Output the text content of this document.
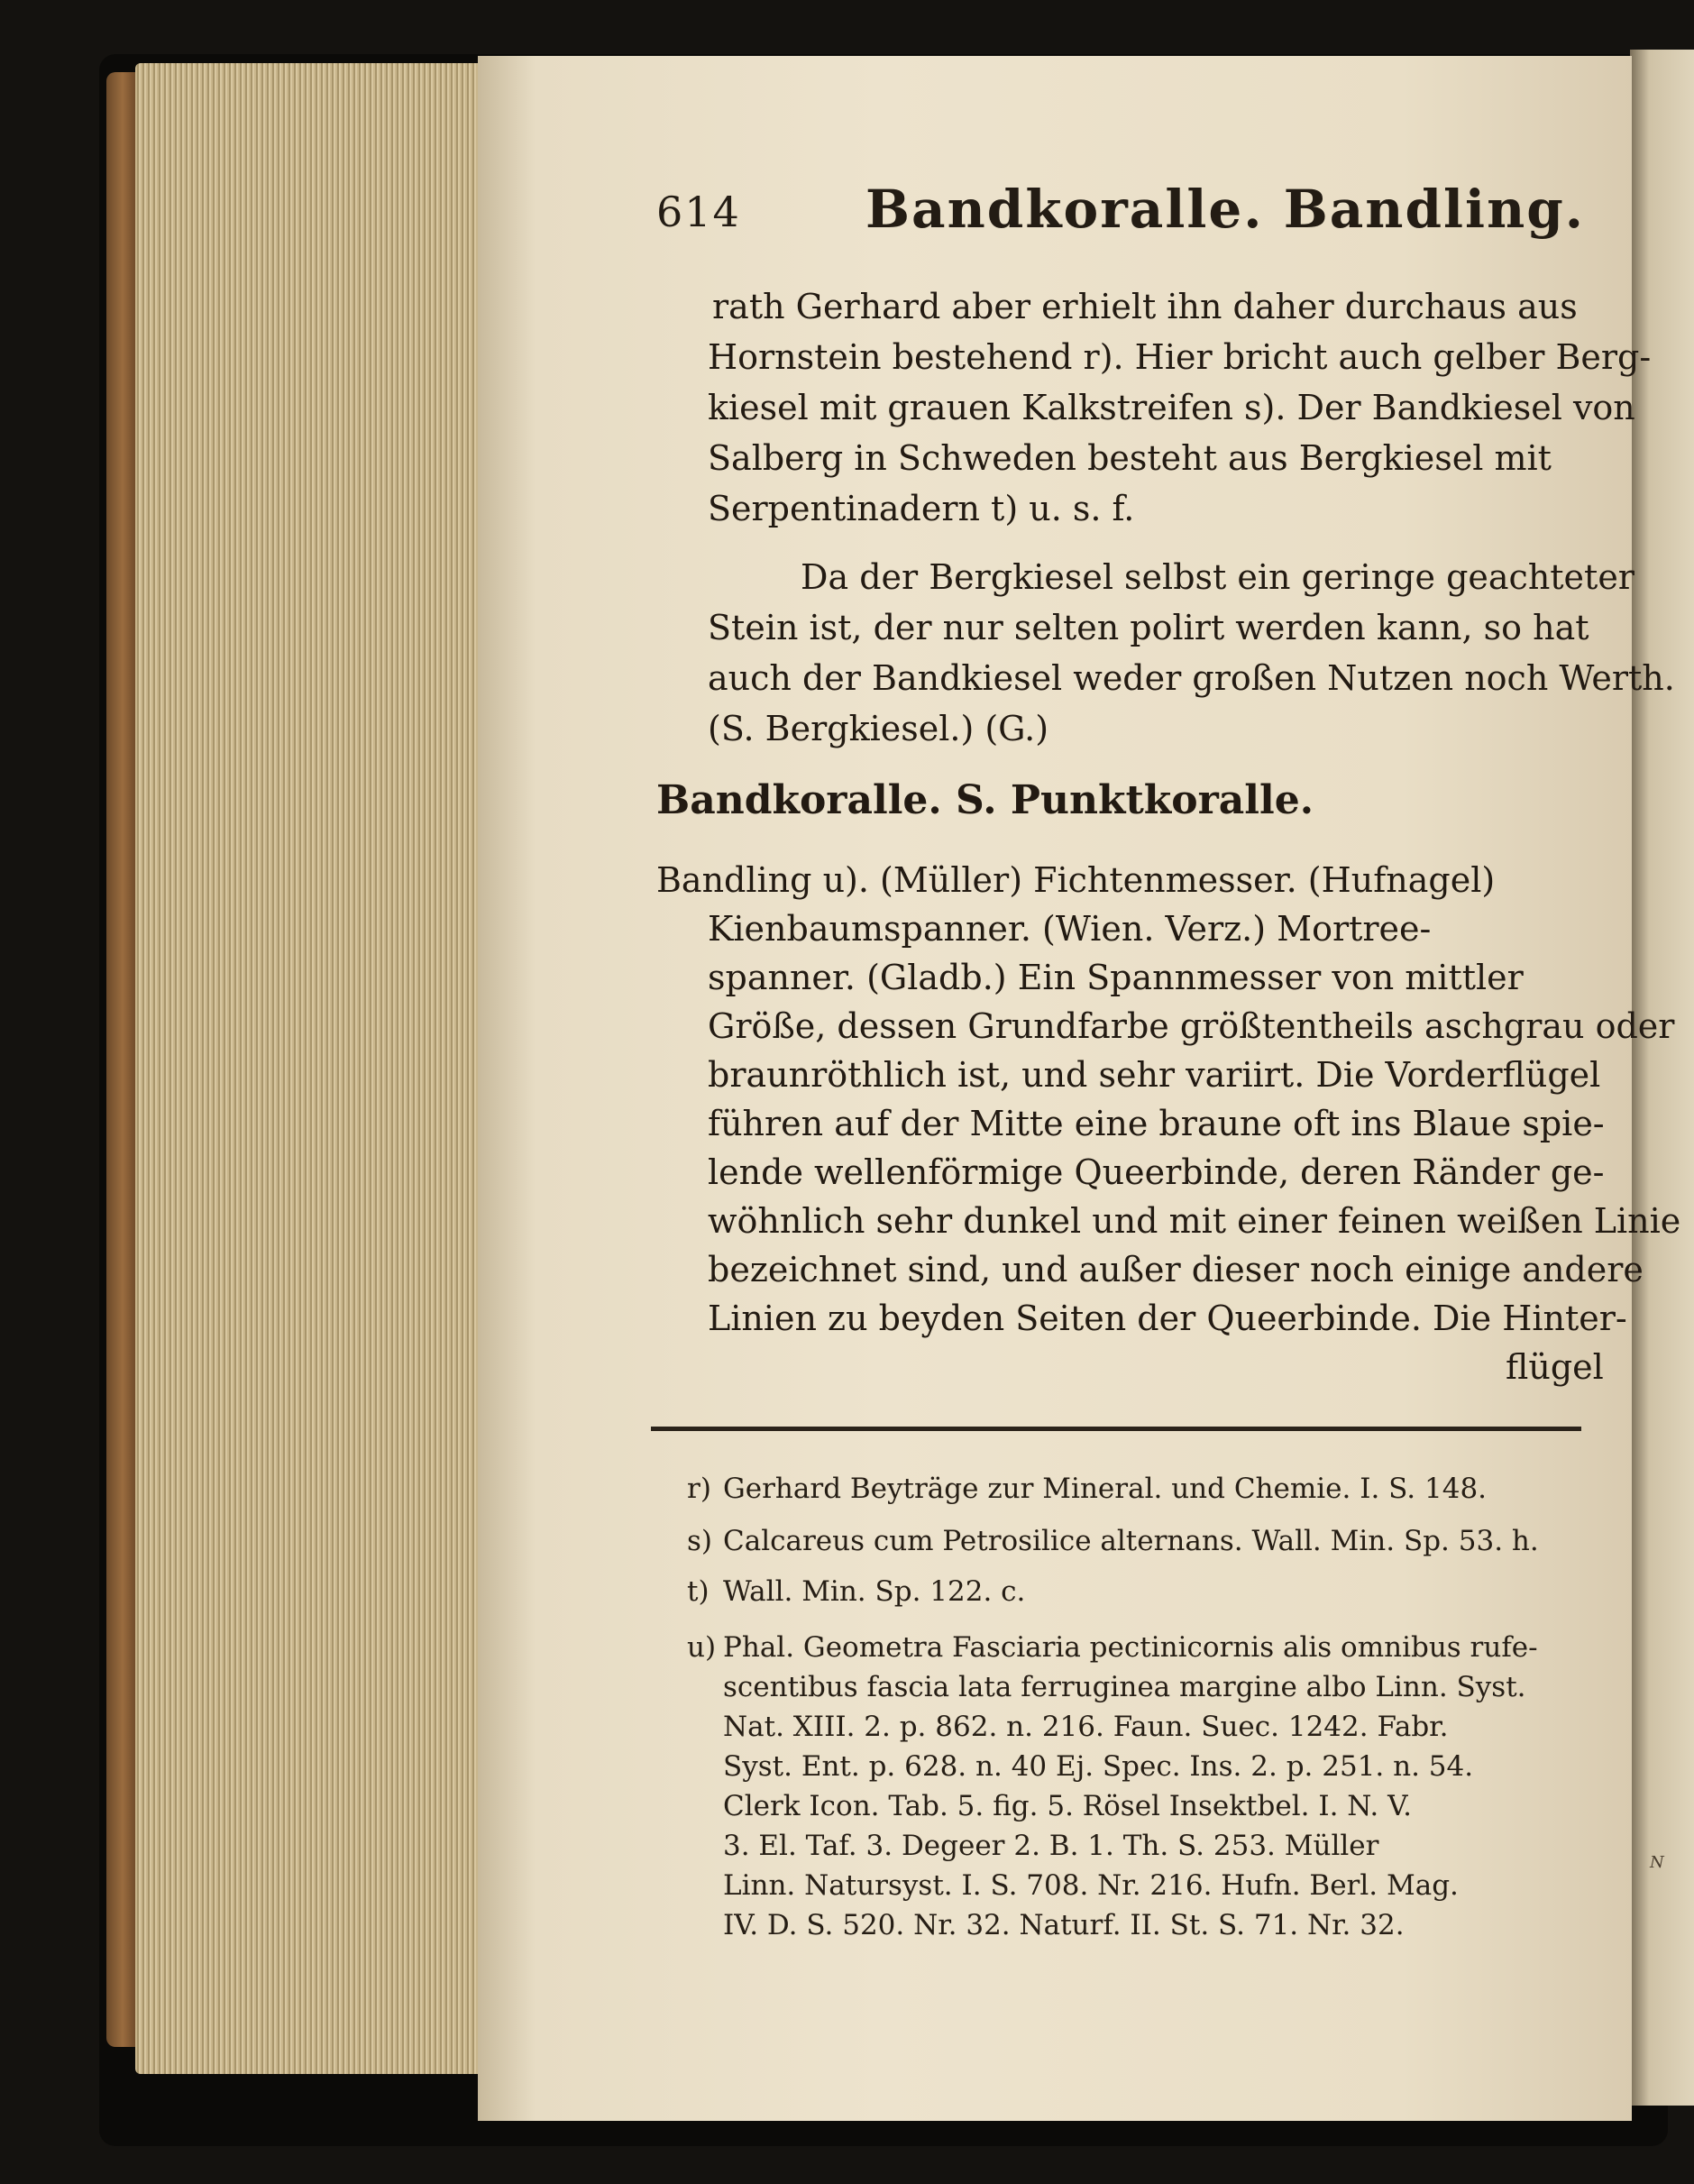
N
614 Bandkoralle. Bandling.
rath Gerhard aber erhielt ihn daher durchaus aus
Hornstein bestehend r). Hier bricht auch gelber Berg-
kiesel mit grauen Kalkstreifen s). Der Bandkiesel von
Salberg in Schweden besteht aus Bergkiesel mit
Serpentinadern t) u. s. f.
Da der Bergkiesel selbst ein geringe geachteter
Stein ist, der nur selten polirt werden kann, so hat
auch der Bandkiesel weder großen Nutzen noch Werth.
(S. Bergkiesel.) (G.)
Bandkoralle. S. Punktkoralle.
Bandling u). (Müller) Fichtenmesser. (Hufnagel)
Kienbaumspanner. (Wien. Verz.) Mortree-
spanner. (Gladb.) Ein Spannmesser von mittler
Größe, dessen Grundfarbe größtentheils aschgrau oder
braunröthlich ist, und sehr variirt. Die Vorderflügel
führen auf der Mitte eine braune oft ins Blaue spie-
lende wellenförmige Queerbinde, deren Ränder ge-
wöhnlich sehr dunkel und mit einer feinen weißen Linie
bezeichnet sind, und außer dieser noch einige andere
Linien zu beyden Seiten der Queerbinde. Die Hinter-
flügel
r) Gerhard Beyträge zur Mineral. und Chemie. I. S. 148.
s) Calcareus cum Petrosilice alternans. Wall. Min. Sp. 53. h.
t) Wall. Min. Sp. 122. c.
u) Phal. Geometra Fasciaria pectinicornis alis omnibus rufe-
scentibus fascia lata ferruginea margine albo Linn. Syst.
Nat. XIII. 2. p. 862. n. 216. Faun. Suec. 1242. Fabr.
Syst. Ent. p. 628. n. 40 Ej. Spec. Ins. 2. p. 251. n. 54.
Clerk Icon. Tab. 5. fig. 5. Rösel Insektbel. I. N. V.
3. El. Taf. 3. Degeer 2. B. 1. Th. S. 253. Müller
Linn. Natursyst. I. S. 708. Nr. 216. Hufn. Berl. Mag.
IV. D. S. 520. Nr. 32. Naturf. II. St. S. 71. Nr. 32.
